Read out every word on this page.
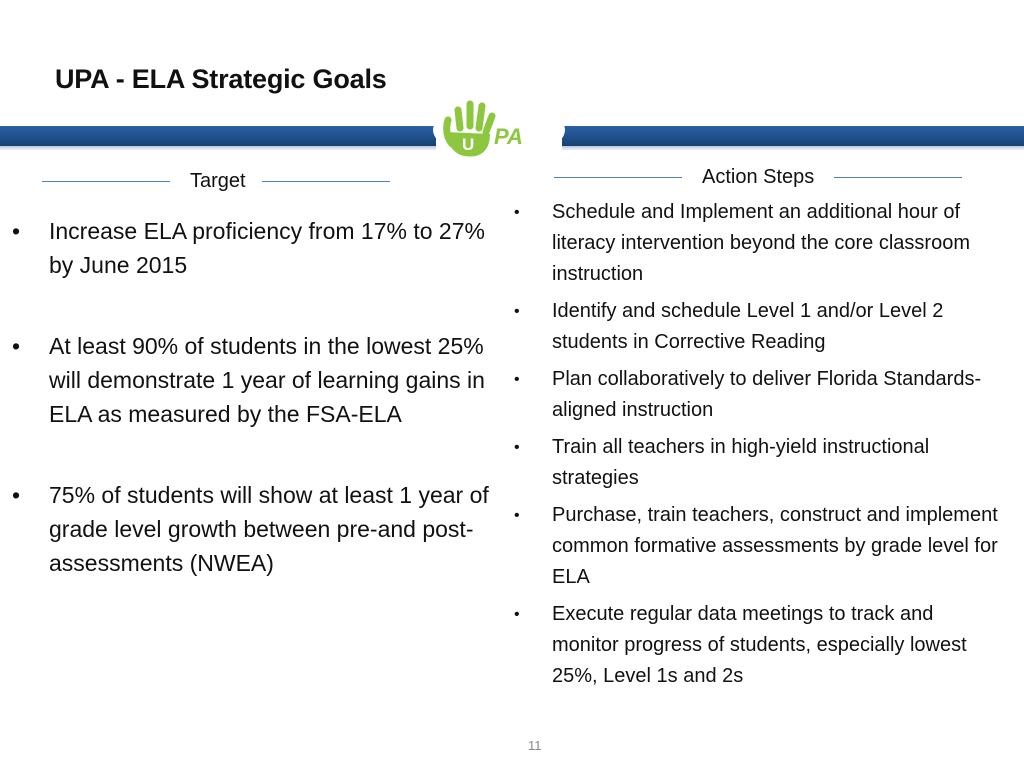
UPA - ELA Strategic Goals
U PA
Target	Action Steps
• Increase ELA proficiency from 17% to 27% by June 2015
• At least 90% of students in the lowest 25% will demonstrate 1 year of learning gains in ELA as measured by the FSA-ELA
• 75% of students will show at least 1 year of grade level growth between pre-and post-assessments (NWEA)
• Schedule and Implement an additional hour of literacy intervention beyond the core classroom instruction
• Identify and schedule Level 1 and/or Level 2 students in Corrective Reading
• Plan collaboratively to deliver Florida Standards-aligned instruction
• Train all teachers in high-yield instructional strategies
• Purchase, train teachers, construct and implement common formative assessments by grade level for ELA
• Execute regular data meetings to track and monitor progress of students, especially lowest 25%, Level 1s and 2s
11
